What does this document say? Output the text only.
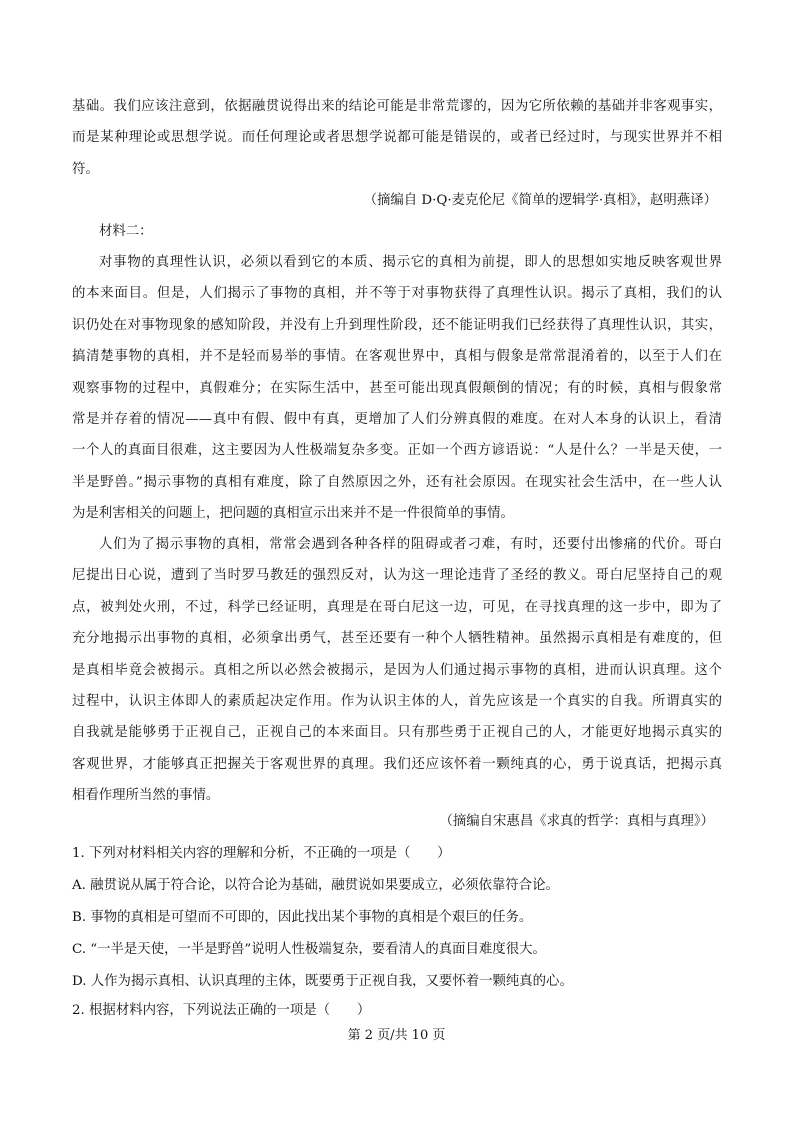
基础。我们应该注意到，依据融贯说得出来的结论可能是非常荒谬的，因为它所依赖的基础并非客观事实，
而是某种理论或思想学说。而任何理论或者思想学说都可能是错误的，或者已经过时，与现实世界并不相
符。
（摘编自 D·Q·麦克伦尼《简单的逻辑学·真相》，赵明燕译）
材料二：
对事物的真理性认识，必须以看到它的本质、揭示它的真相为前提，即人的思想如实地反映客观世界
的本来面目。但是，人们揭示了事物的真相，并不等于对事物获得了真理性认识。揭示了真相，我们的认
识仍处在对事物现象的感知阶段，并没有上升到理性阶段，还不能证明我们已经获得了真理性认识，其实，
搞清楚事物的真相，并不是轻而易举的事情。在客观世界中，真相与假象是常常混淆着的，以至于人们在
观察事物的过程中，真假难分；在实际生活中，甚至可能出现真假颠倒的情况；有的时候，真相与假象常
常是并存着的情况——真中有假、假中有真，更增加了人们分辨真假的难度。在对人本身的认识上，看清
一个人的真面目很难，这主要因为人性极端复杂多变。正如一个西方谚语说：“人是什么？一半是天使，一
半是野兽。”揭示事物的真相有难度，除了自然原因之外，还有社会原因。在现实社会生活中，在一些人认
为是利害相关的问题上，把问题的真相宣示出来并不是一件很简单的事情。
人们为了揭示事物的真相，常常会遇到各种各样的阻碍或者刁难，有时，还要付出惨痛的代价。哥白
尼提出日心说，遭到了当时罗马教廷的强烈反对，认为这一理论违背了圣经的教义。哥白尼坚持自己的观
点，被判处火刑，不过，科学已经证明，真理是在哥白尼这一边，可见，在寻找真理的这一步中，即为了
充分地揭示出事物的真相，必须拿出勇气，甚至还要有一种个人牺牲精神。虽然揭示真相是有难度的，但
是真相毕竟会被揭示。真相之所以必然会被揭示，是因为人们通过揭示事物的真相，进而认识真理。这个
过程中，认识主体即人的素质起决定作用。作为认识主体的人，首先应该是一个真实的自我。所谓真实的
自我就是能够勇于正视自己，正视自己的本来面目。只有那些勇于正视自己的人，才能更好地揭示真实的
客观世界，才能够真正把握关于客观世界的真理。我们还应该怀着一颗纯真的心，勇于说真话，把揭示真
相看作理所当然的事情。
（摘编自宋惠昌《求真的哲学：真相与真理》）
1. 下列对材料相关内容的理解和分析，不正确的一项是（　　）
A. 融贯说从属于符合论，以符合论为基础，融贯说如果要成立，必须依靠符合论。
B. 事物的真相是可望而不可即的，因此找出某个事物的真相是个艰巨的任务。
C. “一半是天使，一半是野兽”说明人性极端复杂，要看清人的真面目难度很大。
D. 人作为揭示真相、认识真理的主体，既要勇于正视自我，又要怀着一颗纯真的心。
2. 根据材料内容，下列说法正确的一项是（　　）
第 2 页/共 10 页
